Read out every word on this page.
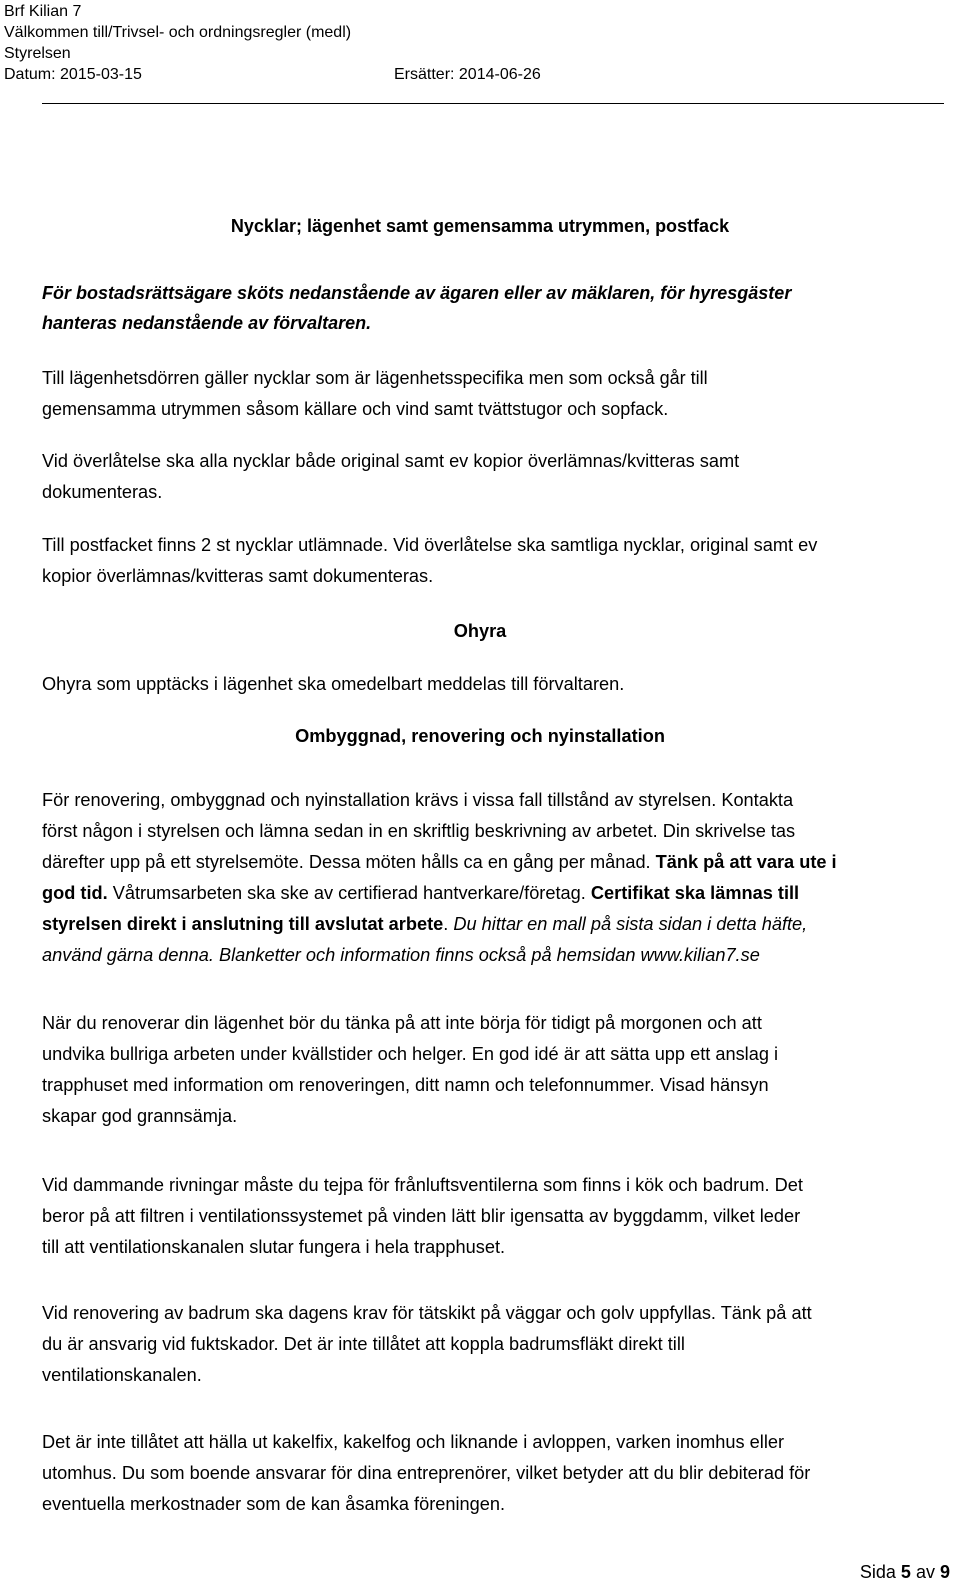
Brf Kilian 7
Välkommen till/Trivsel- och ordningsregler (medl)
Styrelsen
Datum: 2015-03-15	Ersätter: 2014-06-26
Nycklar; lägenhet samt gemensamma utrymmen, postfack
För bostadsrättsägare sköts nedanstående av ägaren eller av mäklaren, för hyresgäster
hanteras nedanstående av förvaltaren.
Till lägenhetsdörren gäller nycklar som är lägenhetsspecifika men som också går till
gemensamma utrymmen såsom källare och vind samt tvättstugor och sopfack.
Vid överlåtelse ska alla nycklar både original samt ev kopior överlämnas/kvitteras samt
dokumenteras.
Till postfacket finns 2 st nycklar utlämnade. Vid överlåtelse ska samtliga nycklar, original samt ev
kopior överlämnas/kvitteras samt dokumenteras.
Ohyra
Ohyra som upptäcks i lägenhet ska omedelbart meddelas till förvaltaren.
Ombyggnad, renovering och nyinstallation
För renovering, ombyggnad och nyinstallation krävs i vissa fall tillstånd av styrelsen. Kontakta
först någon i styrelsen och lämna sedan in en skriftlig beskrivning av arbetet. Din skrivelse tas
därefter upp på ett styrelsemöte. Dessa möten hålls ca en gång per månad. Tänk på att vara ute i
god tid. Våtrumsarbeten ska ske av certifierad hantverkare/företag. Certifikat ska lämnas till
styrelsen direkt i anslutning till avslutat arbete. Du hittar en mall på sista sidan i detta häfte,
använd gärna denna. Blanketter och information finns också på hemsidan www.kilian7.se
När du renoverar din lägenhet bör du tänka på att inte börja för tidigt på morgonen och att
undvika bullriga arbeten under kvällstider och helger. En god idé är att sätta upp ett anslag i
trapphuset med information om renoveringen, ditt namn och telefonnummer. Visad hänsyn
skapar god grannsämja.
Vid dammande rivningar måste du tejpa för frånluftsventilerna som finns i kök och badrum. Det
beror på att filtren i ventilationssystemet på vinden lätt blir igensatta av byggdamm, vilket leder
till att ventilationskanalen slutar fungera i hela trapphuset.
Vid renovering av badrum ska dagens krav för tätskikt på väggar och golv uppfyllas. Tänk på att
du är ansvarig vid fuktskador. Det är inte tillåtet att koppla badrumsfläkt direkt till
ventilationskanalen.
Det är inte tillåtet att hälla ut kakelfix, kakelfog och liknande i avloppen, varken inomhus eller
utomhus. Du som boende ansvarar för dina entreprenörer, vilket betyder att du blir debiterad för
eventuella merkostnader som de kan åsamka föreningen.
Sida 5 av 9
